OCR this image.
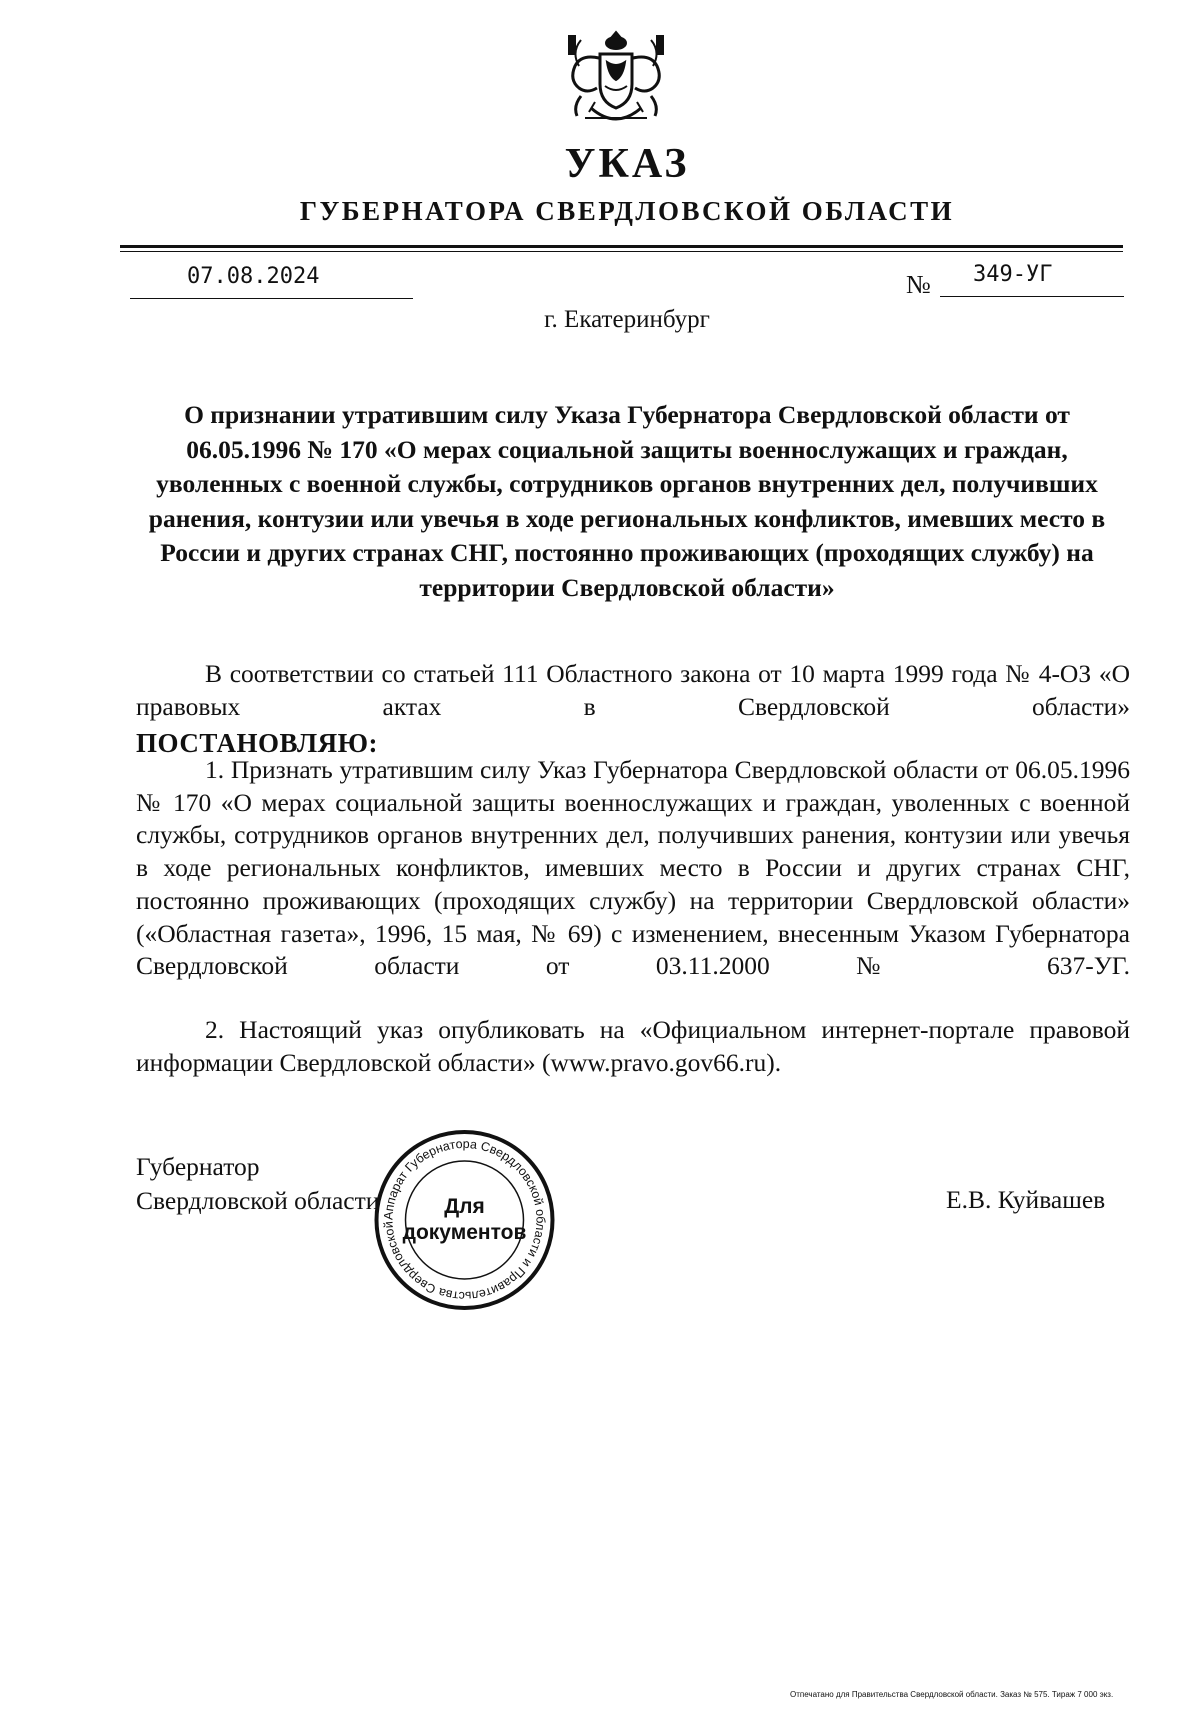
УКАЗ
ГУБЕРНАТОРА СВЕРДЛОВСКОЙ ОБЛАСТИ
07.08.2024	№ 349-УГ
г. Екатеринбург
О признании утратившим силу Указа Губернатора Свердловской области от 06.05.1996 № 170 «О мерах социальной защиты военнослужащих и граждан, уволенных с военной службы, сотрудников органов внутренних дел, получивших ранения, контузии или увечья в ходе региональных конфликтов, имевших место в России и других странах СНГ, постоянно проживающих (проходящих службу) на территории Свердловской области»
В соответствии со статьей 111 Областного закона от 10 марта 1999 года № 4-ОЗ «О правовых актах в Свердловской области»
ПОСТАНОВЛЯЮ:
1. Признать утратившим силу Указ Губернатора Свердловской области от 06.05.1996 № 170 «О мерах социальной защиты военнослужащих и граждан, уволенных с военной службы, сотрудников органов внутренних дел, получивших ранения, контузии или увечья в ходе региональных конфликтов, имевших место в России и других странах СНГ, постоянно проживающих (проходящих службу) на территории Свердловской области» («Областная газета», 1996, 15 мая, № 69) с изменением, внесенным Указом Губернатора Свердловской области от 03.11.2000 № 637-УГ.
2. Настоящий указ опубликовать на «Официальном интернет-портале правовой информации Свердловской области» (www.pravo.gov66.ru).
Губернатор
Свердловской области	Е.В. Куйвашев
Аппарат Губернатора Свердловской области и Правительства Свердловской
Для
документов
Отпечатано для Правительства Свердловской области. Заказ № 575. Тираж 7 000 экз.
